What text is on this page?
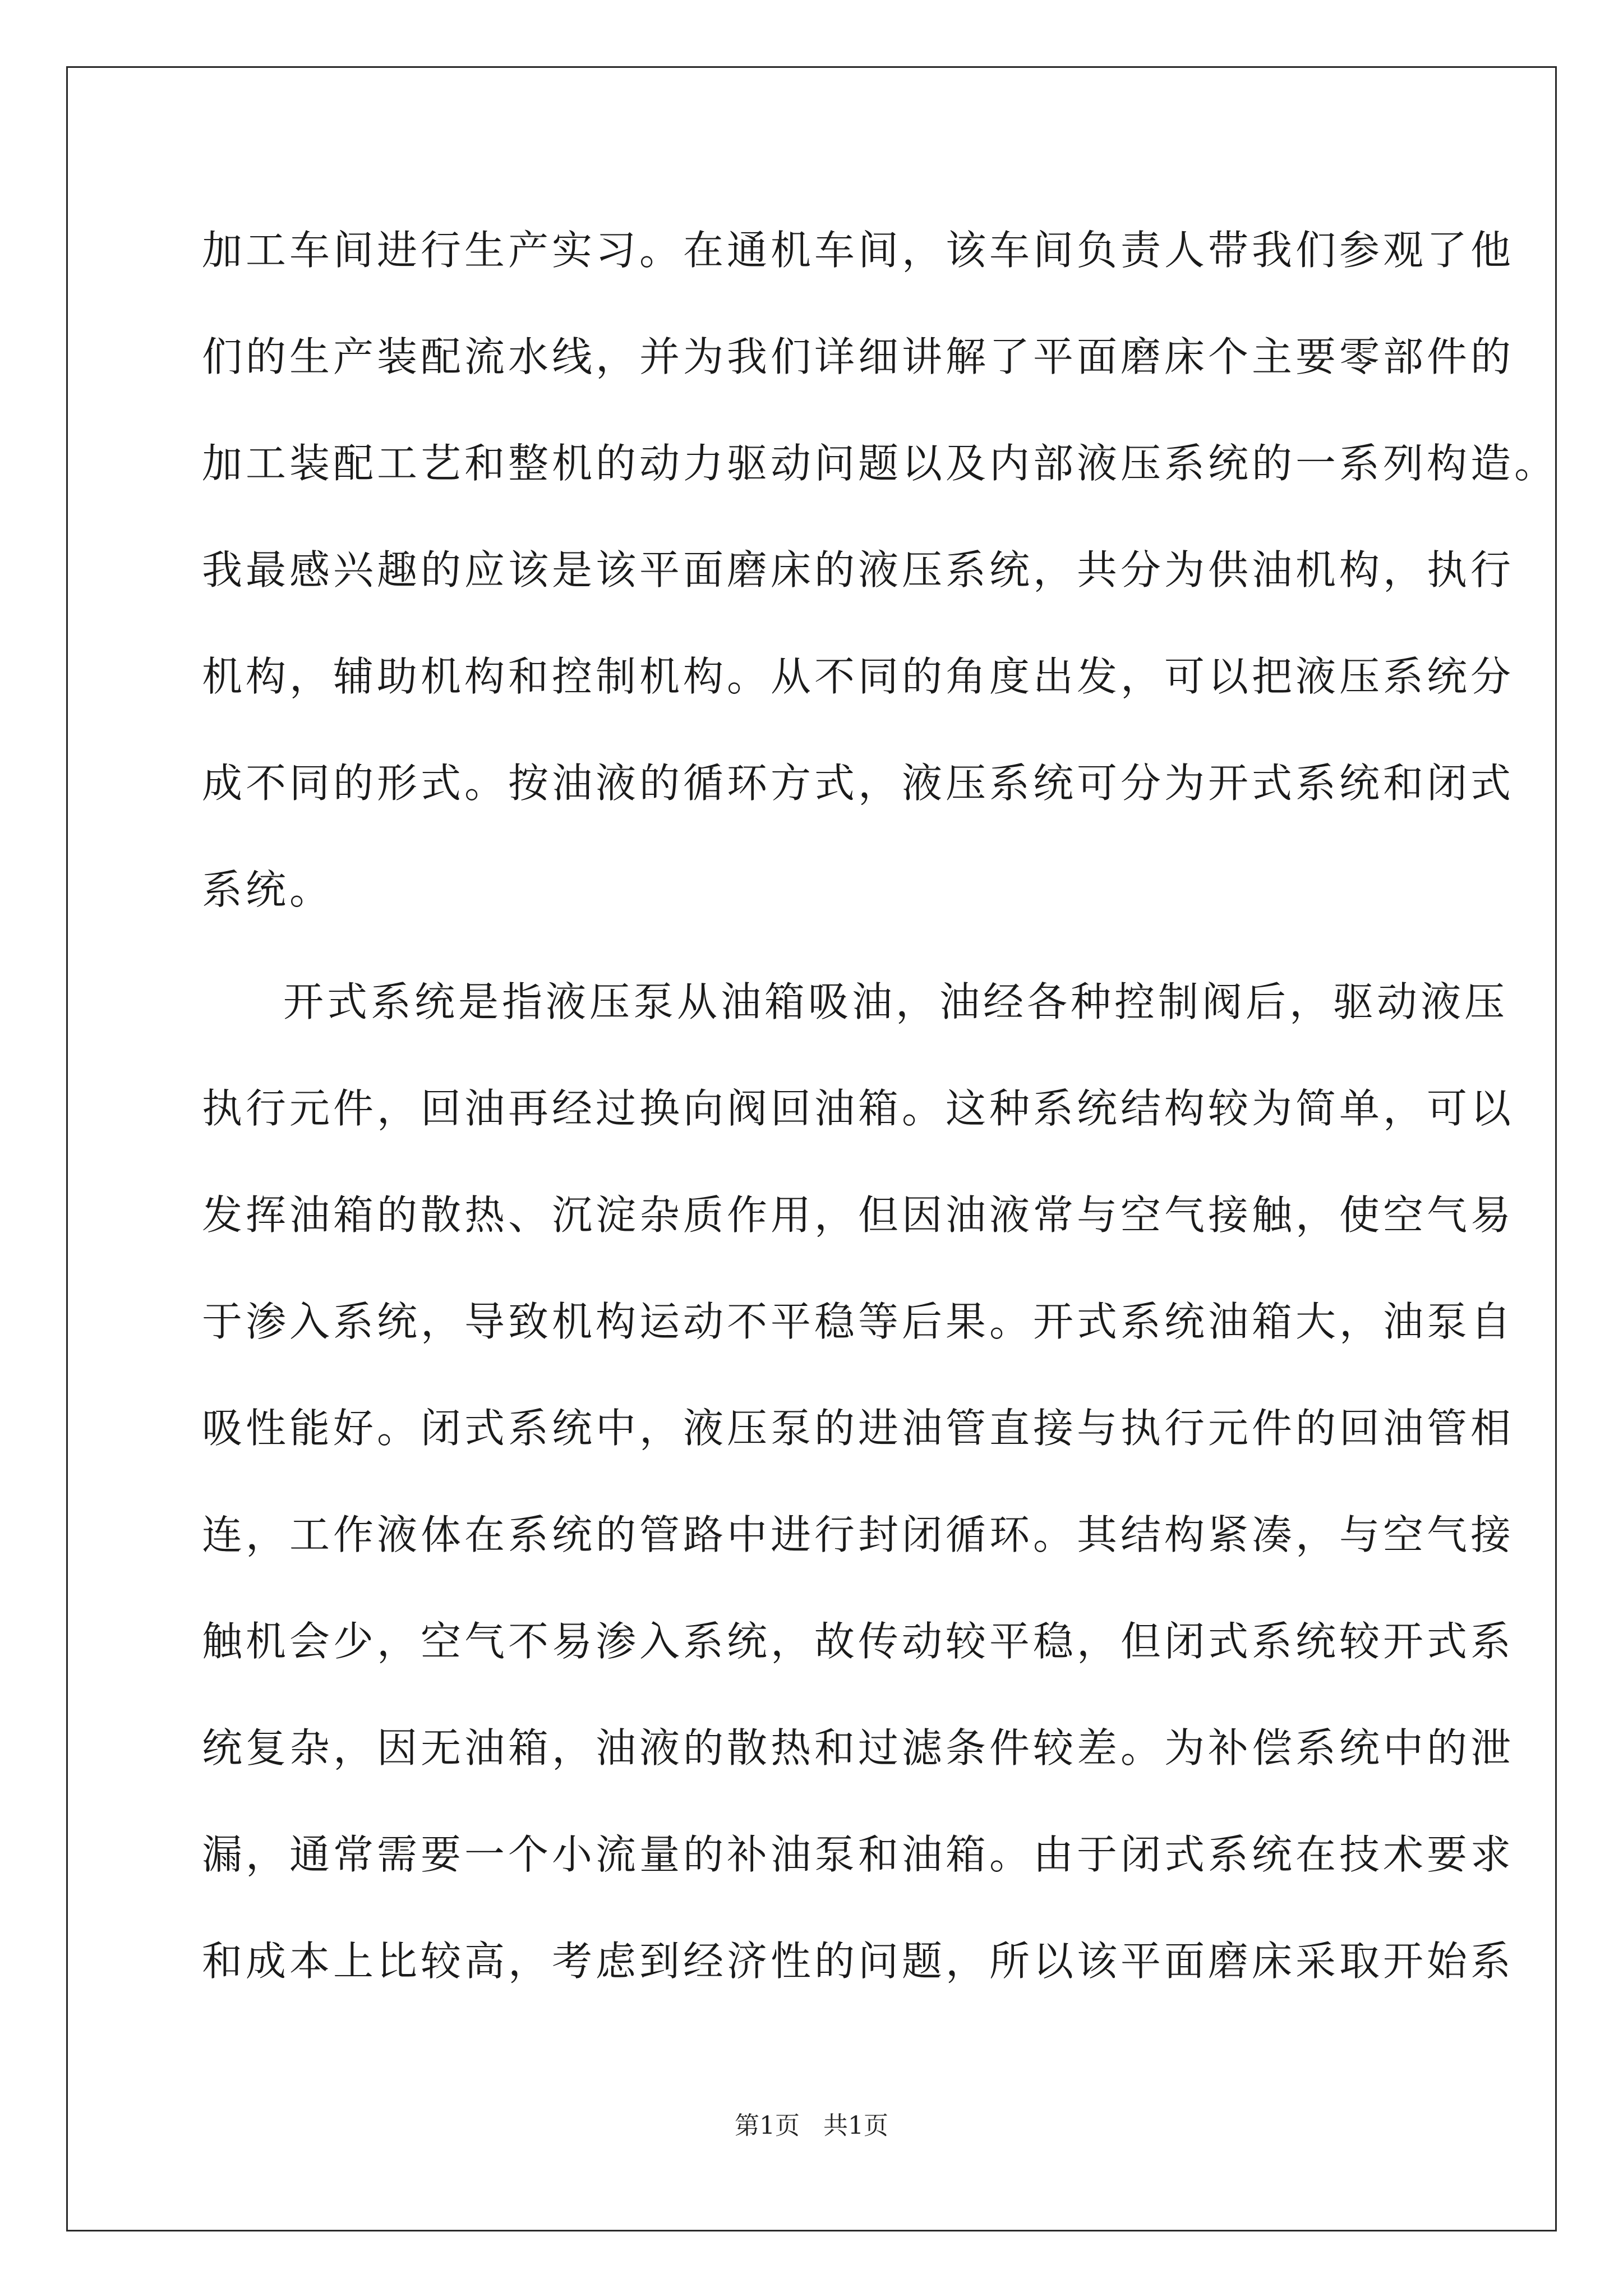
加工车间进行生产实习。在通机车间，该车间负责人带我们参观了他
们的生产装配流水线，并为我们详细讲解了平面磨床个主要零部件的
加工装配工艺和整机的动力驱动问题以及内部液压系统的一系列构造。
我最感兴趣的应该是该平面磨床的液压系统，共分为供油机构，执行
机构，辅助机构和控制机构。从不同的角度出发，可以把液压系统分
成不同的形式。按油液的循环方式，液压系统可分为开式系统和闭式
系统。
开式系统是指液压泵从油箱吸油，油经各种控制阀后，驱动液压
执行元件，回油再经过换向阀回油箱。这种系统结构较为简单，可以
发挥油箱的散热、沉淀杂质作用，但因油液常与空气接触，使空气易
于渗入系统，导致机构运动不平稳等后果。开式系统油箱大，油泵自
吸性能好。闭式系统中，液压泵的进油管直接与执行元件的回油管相
连，工作液体在系统的管路中进行封闭循环。其结构紧凑，与空气接
触机会少，空气不易渗入系统，故传动较平稳，但闭式系统较开式系
统复杂，因无油箱，油液的散热和过滤条件较差。为补偿系统中的泄
漏，通常需要一个小流量的补油泵和油箱。由于闭式系统在技术要求
和成本上比较高，考虑到经济性的问题，所以该平面磨床采取开始系
第1页 共1页
